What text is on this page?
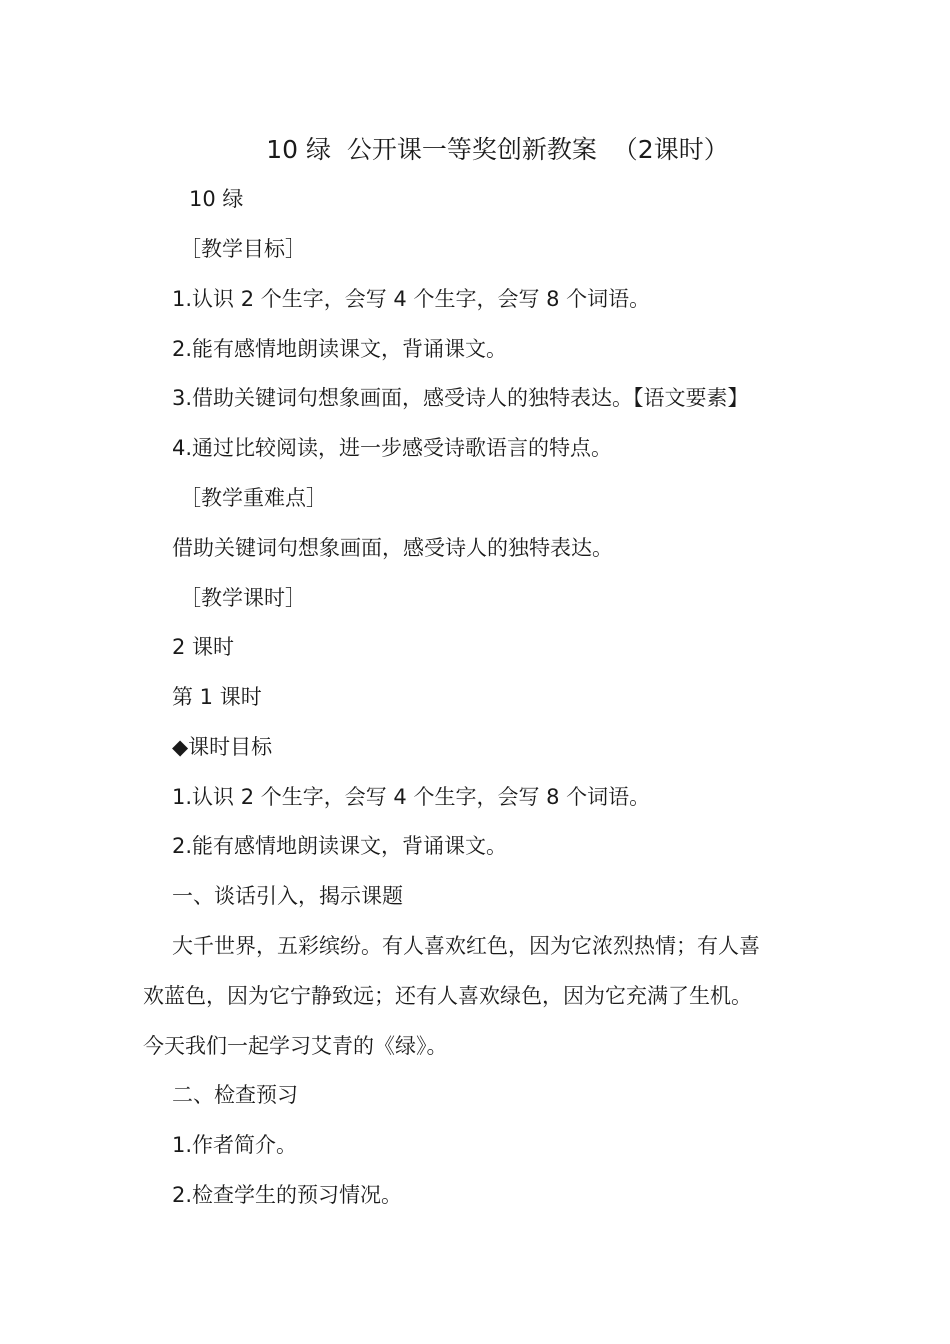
10 绿  公开课一等奖创新教案  （2课时）
10 绿
［教学目标］
1.认识 2 个生字，会写 4 个生字，会写 8 个词语。
2.能有感情地朗读课文，背诵课文。
3.借助关键词句想象画面，感受诗人的独特表达。【语文要素】
4.通过比较阅读，进一步感受诗歌语言的特点。
［教学重难点］
借助关键词句想象画面，感受诗人的独特表达。
［教学课时］
2 课时
第 1 课时
◆课时目标
1.认识 2 个生字，会写 4 个生字，会写 8 个词语。
2.能有感情地朗读课文，背诵课文。
一、谈话引入，揭示课题
大千世界，五彩缤纷。有人喜欢红色，因为它浓烈热情；有人喜
欢蓝色，因为它宁静致远；还有人喜欢绿色，因为它充满了生机。
今天我们一起学习艾青的《绿》。
二、检查预习
1.作者简介。
2.检查学生的预习情况。
